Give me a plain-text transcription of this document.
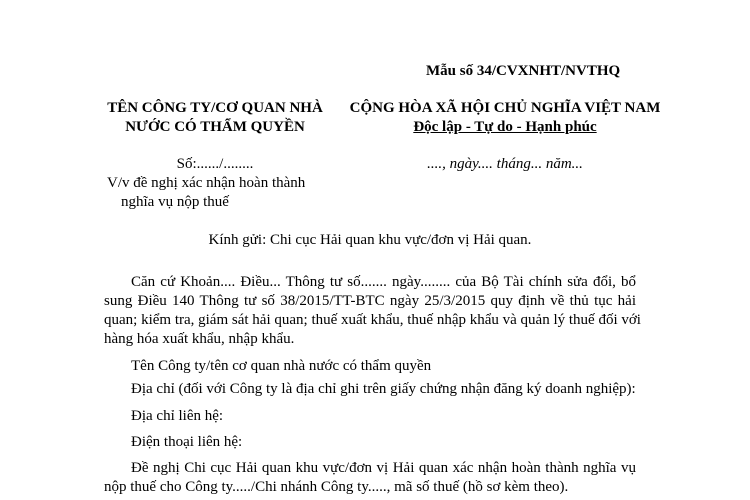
Mẫu số 34/CVXNHT/NVTHQ
TÊN CÔNG TY/CƠ QUAN NHÀ
NƯỚC CÓ THẨM QUYỀN
Số:....../........
V/v đề nghị xác nhận hoàn thành
nghĩa vụ nộp thuế
CỘNG HÒA XÃ HỘI CHỦ NGHĨA VIỆT NAM
Độc lập - Tự do - Hạnh phúc
...., ngày.... tháng... năm...
Kính gửi: Chi cục Hải quan khu vực/đơn vị Hải quan.
Căn cứ Khoản.... Điều... Thông tư số....... ngày........ của Bộ Tài chính sửa đổi, bổ
sung Điều 140 Thông tư số 38/2015/TT-BTC ngày 25/3/2015 quy định về thủ tục hải
quan; kiểm tra, giám sát hải quan; thuế xuất khẩu, thuế nhập khẩu và quản lý thuế đối với
hàng hóa xuất khẩu, nhập khẩu.
Tên Công ty/tên cơ quan nhà nước có thẩm quyền
Địa chỉ (đối với Công ty là địa chỉ ghi trên giấy chứng nhận đăng ký doanh nghiệp):
Địa chỉ liên hệ:
Điện thoại liên hệ:
Đề nghị Chi cục Hải quan khu vực/đơn vị Hải quan xác nhận hoàn thành nghĩa vụ
nộp thuế cho Công ty...../Chi nhánh Công ty....., mã số thuế (hồ sơ kèm theo).
